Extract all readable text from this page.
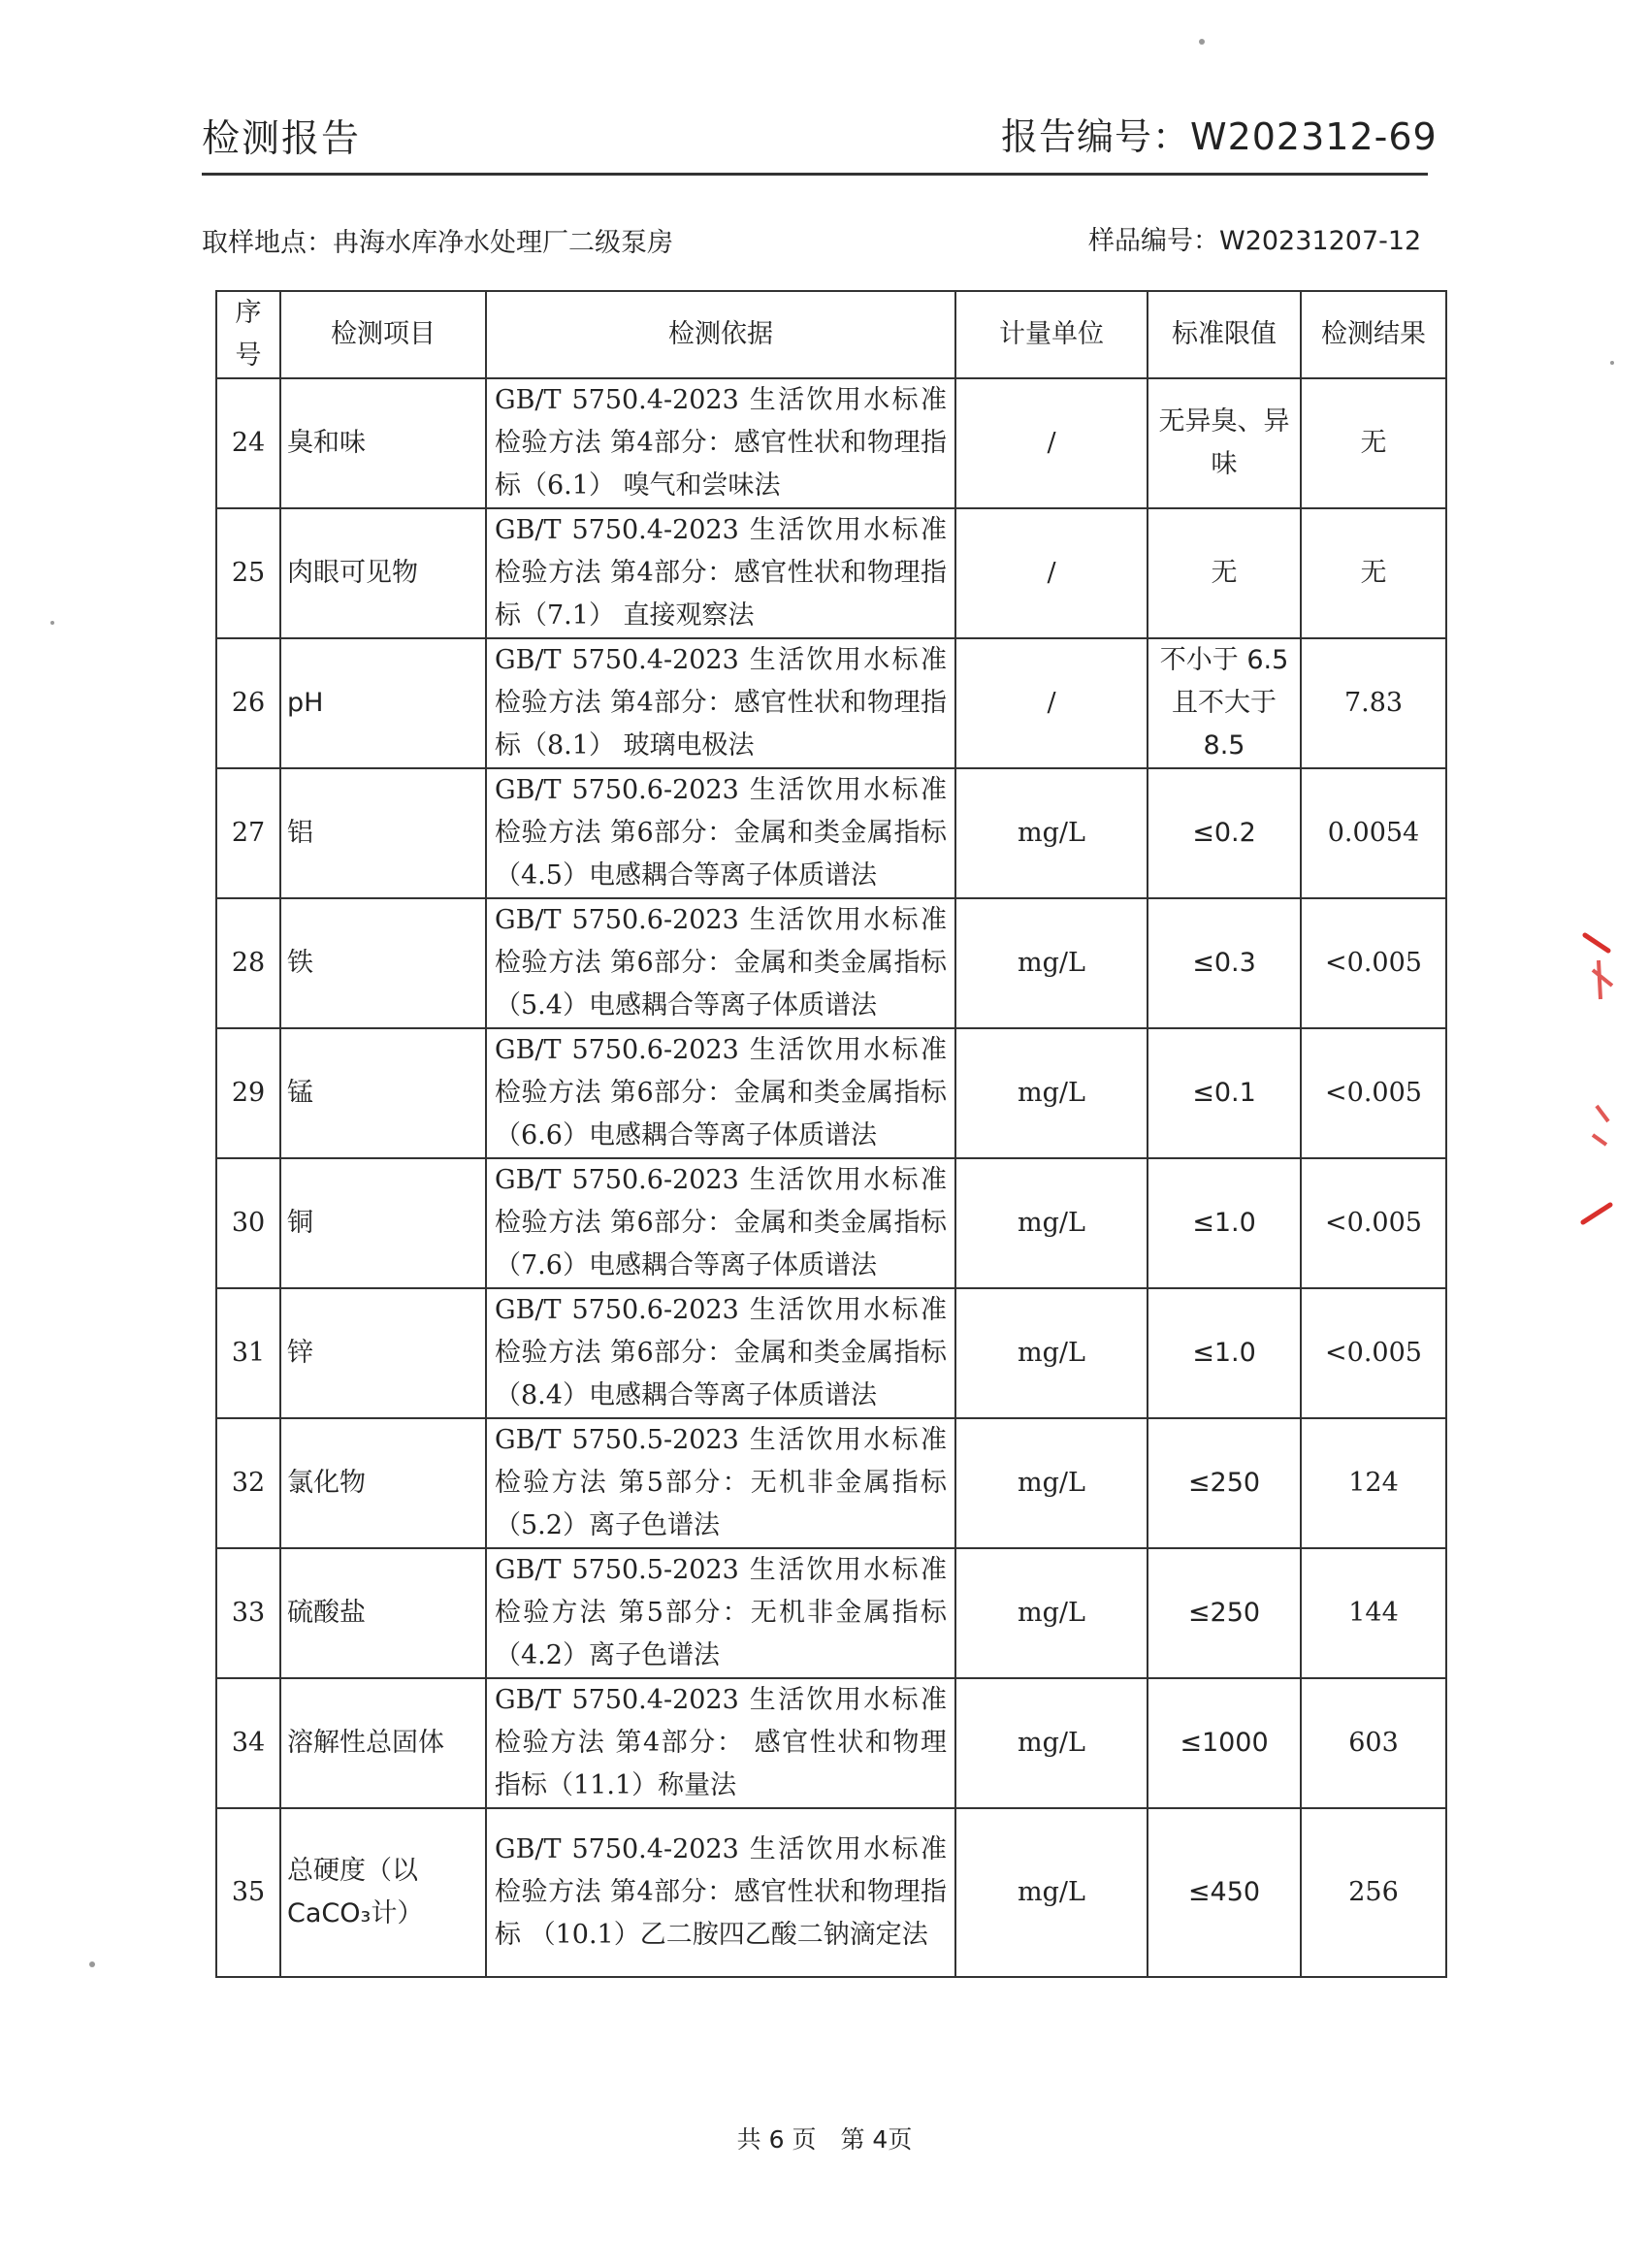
检测报告	报告编号：W202312-69
取样地点：冉海水库净水处理厂二级泵房	样品编号：W20231207-12
序号	检测项目	检测依据	计量单位	标准限值	检测结果
24	臭和味	GB/T 5750.4-2023 生活饮用水标准检验方法 第4部分：感官性状和物理指标（6.1） 嗅气和尝味法	/	无异臭、异味	无
25	肉眼可见物	GB/T 5750.4-2023 生活饮用水标准检验方法 第4部分：感官性状和物理指标（7.1） 直接观察法	/	无	无
26	pH	GB/T 5750.4-2023 生活饮用水标准检验方法 第4部分：感官性状和物理指标（8.1） 玻璃电极法	/	不小于 6.5 且不大于 8.5	7.83
27	铝	GB/T 5750.6-2023 生活饮用水标准检验方法 第6部分：金属和类金属指标（4.5）电感耦合等离子体质谱法	mg/L	≤0.2	0.0054
28	铁	GB/T 5750.6-2023 生活饮用水标准检验方法 第6部分：金属和类金属指标（5.4）电感耦合等离子体质谱法	mg/L	≤0.3	<0.005
29	锰	GB/T 5750.6-2023 生活饮用水标准检验方法 第6部分：金属和类金属指标（6.6）电感耦合等离子体质谱法	mg/L	≤0.1	<0.005
30	铜	GB/T 5750.6-2023 生活饮用水标准检验方法 第6部分：金属和类金属指标（7.6）电感耦合等离子体质谱法	mg/L	≤1.0	<0.005
31	锌	GB/T 5750.6-2023 生活饮用水标准检验方法 第6部分：金属和类金属指标（8.4）电感耦合等离子体质谱法	mg/L	≤1.0	<0.005
32	氯化物	GB/T 5750.5-2023 生活饮用水标准检验方法 第5部分：无机非金属指标（5.2）离子色谱法	mg/L	≤250	124
33	硫酸盐	GB/T 5750.5-2023 生活饮用水标准检验方法 第5部分：无机非金属指标（4.2）离子色谱法	mg/L	≤250	144
34	溶解性总固体	GB/T 5750.4-2023 生活饮用水标准检验方法 第4部分： 感官性状和物理指标（11.1）称量法	mg/L	≤1000	603
35	总硬度（以CaCO₃计）	GB/T 5750.4-2023 生活饮用水标准检验方法 第4部分：感官性状和物理指标 （10.1）乙二胺四乙酸二钠滴定法	mg/L	≤450	256
共 6 页　第 4页
